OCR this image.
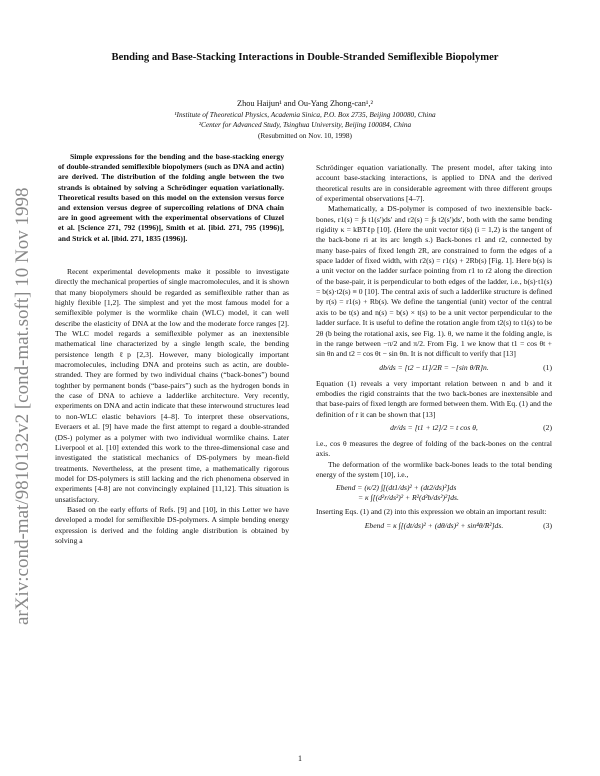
arXiv:cond-mat/9810132v2 [cond-mat.soft] 10 Nov 1998
Bending and Base-Stacking Interactions in Double-Stranded Semiflexible Biopolymer
Zhou Haijun¹ and Ou-Yang Zhong-can¹,²
¹Institute of Theoretical Physics, Academia Sinica, P.O. Box 2735, Beijing 100080, China
²Center for Advanced Study, Tsinghua University, Beijing 100084, China
(Resubmitted on Nov. 10, 1998)

Simple expressions for the bending and the base-stacking energy of double-stranded semiflexible biopolymers (such as DNA and actin) are derived. The distribution of the folding angle between the two strands is obtained by solving a Schrödinger equation variationally. Theoretical results based on this model on the extension versus force and extension versus degree of supercoiling relations of DNA chain are in good agreement with the experimental observations of Cluzel et al. [Science 271, 792 (1996)], Smith et al. [ibid. 271, 795 (1996)], and Strick et al. [ibid. 271, 1835 (1996)].

Recent experimental developments make it possible to investigate directly the mechanical properties of single macromolecules, and it is shown that many biopolymers should be regarded as semiflexible rather than as highly flexible [1,2]. The simplest and yet the most famous model for a semiflexible polymer is the wormlike chain (WLC) model, it can well describe the elasticity of DNA at the low and the moderate force ranges [2]. The WLC model regards a semiflexible polymer as an inextensible mathematical line characterized by a single length scale, the bending persistence length ℓp [2,3]. However, many biologically important macromolecules, including DNA and proteins such as actin, are double-stranded. They are formed by two individual chains (“back-bones”) bound toghther by permanent bonds (“base-pairs”) such as the hydrogen bonds in the case of DNA to achieve a ladderlike architecture. Very recently, experiments on DNA and actin indicate that these interwound structures lead to non-WLC elastic behaviors [4–8]. To interpret these observations, Everaers et al. [9] have made the first attempt to regard a double-stranded (DS-) polymer as a polymer with two individual wormlike chains. Later Liverpool et al. [10] extended this work to the three-dimensional case and investigated the statistical mechanics of DS-polymers by mean-field treatments. Nevertheless, at the present time, a mathematically rigorous model for DS-polymers is still lacking and the rich phenomena observed in experiments [4-8] are not convincingly explained [11,12]. This situation is unsatisfactory.

Based on the early efforts of Refs. [9] and [10], in this Letter we have developed a model for semiflexible DS-polymers. A simple bending energy expression is derived and the folding angle distribution is obtained by solving a

Schrödinger equation variationally. The present model, after taking into account base-stacking interactions, is applied to DNA and the derived theoretical results are in considerable agreement with three different groups of experimental observations [4–7].

Mathematically, a DS-polymer is composed of two inextensible back-bones, r1(s) = ∫s t1(s′)ds′ and r2(s) = ∫s t2(s′)ds′, both with the same bending rigidity κ = kBTℓp [10]. (Here the unit vector ti(s) (i = 1,2) is the tangent of the back-bone ri at its arc length s.) Back-bones r1 and r2, connected by many base-pairs of fixed length 2R, are constrained to form the edges of a space ladder of fixed width, with r2(s) = r1(s) + 2Rb(s) [Fig. 1]. Here b(s) is a unit vector on the ladder surface pointing from r1 to r2 along the direction of the base-pair, it is perpendicular to both edges of the ladder, i.e., b(s)·t1(s) = b(s)·t2(s) ≡ 0 [10]. The central axis of such a ladderlike structure is defined by r(s) = r1(s) + Rb(s). We define the tangential (unit) vector of the central axis to be t(s) and n(s) = b(s) × t(s) to be a unit vector perpendicular to the ladder surface. It is useful to define the rotation angle from t2(s) to t1(s) to be 2θ (b being the rotational axis, see Fig. 1). θ, we name it the folding angle, is in the range between −π/2 and π/2. From Fig. 1 we know that t1 = cos θt + sin θn and t2 = cos θt − sin θn. It is not difficult to verify that [13]

db/ds = [t2 − t1]/2R = −[sin θ/R]n.	(1)

Equation (1) reveals a very important relation between n and b and it embodies the rigid constraints that the two back-bones are inextensible and that base-pairs of fixed length are formed between them. With Eq. (1) and the definition of r it can be shown that [13]

dr/ds = [t1 + t2]/2 = t cos θ,	(2)

i.e., cos θ measures the degree of folding of the back-bones on the central axis.

The deformation of the wormlike back-bones leads to the total bending energy of the system [10], i.e.,

Ebend = (κ/2) ∫[(dt1/ds)² + (dt2/ds)²]ds
= κ ∫[(d²r/ds²)² + R²(d²b/ds²)²]ds.

Inserting Eqs. (1) and (2) into this expression we obtain an important result:

Ebend = κ ∫[(dt/ds)² + (dθ/ds)² + sin⁴θ/R²]ds.	(3)
1
